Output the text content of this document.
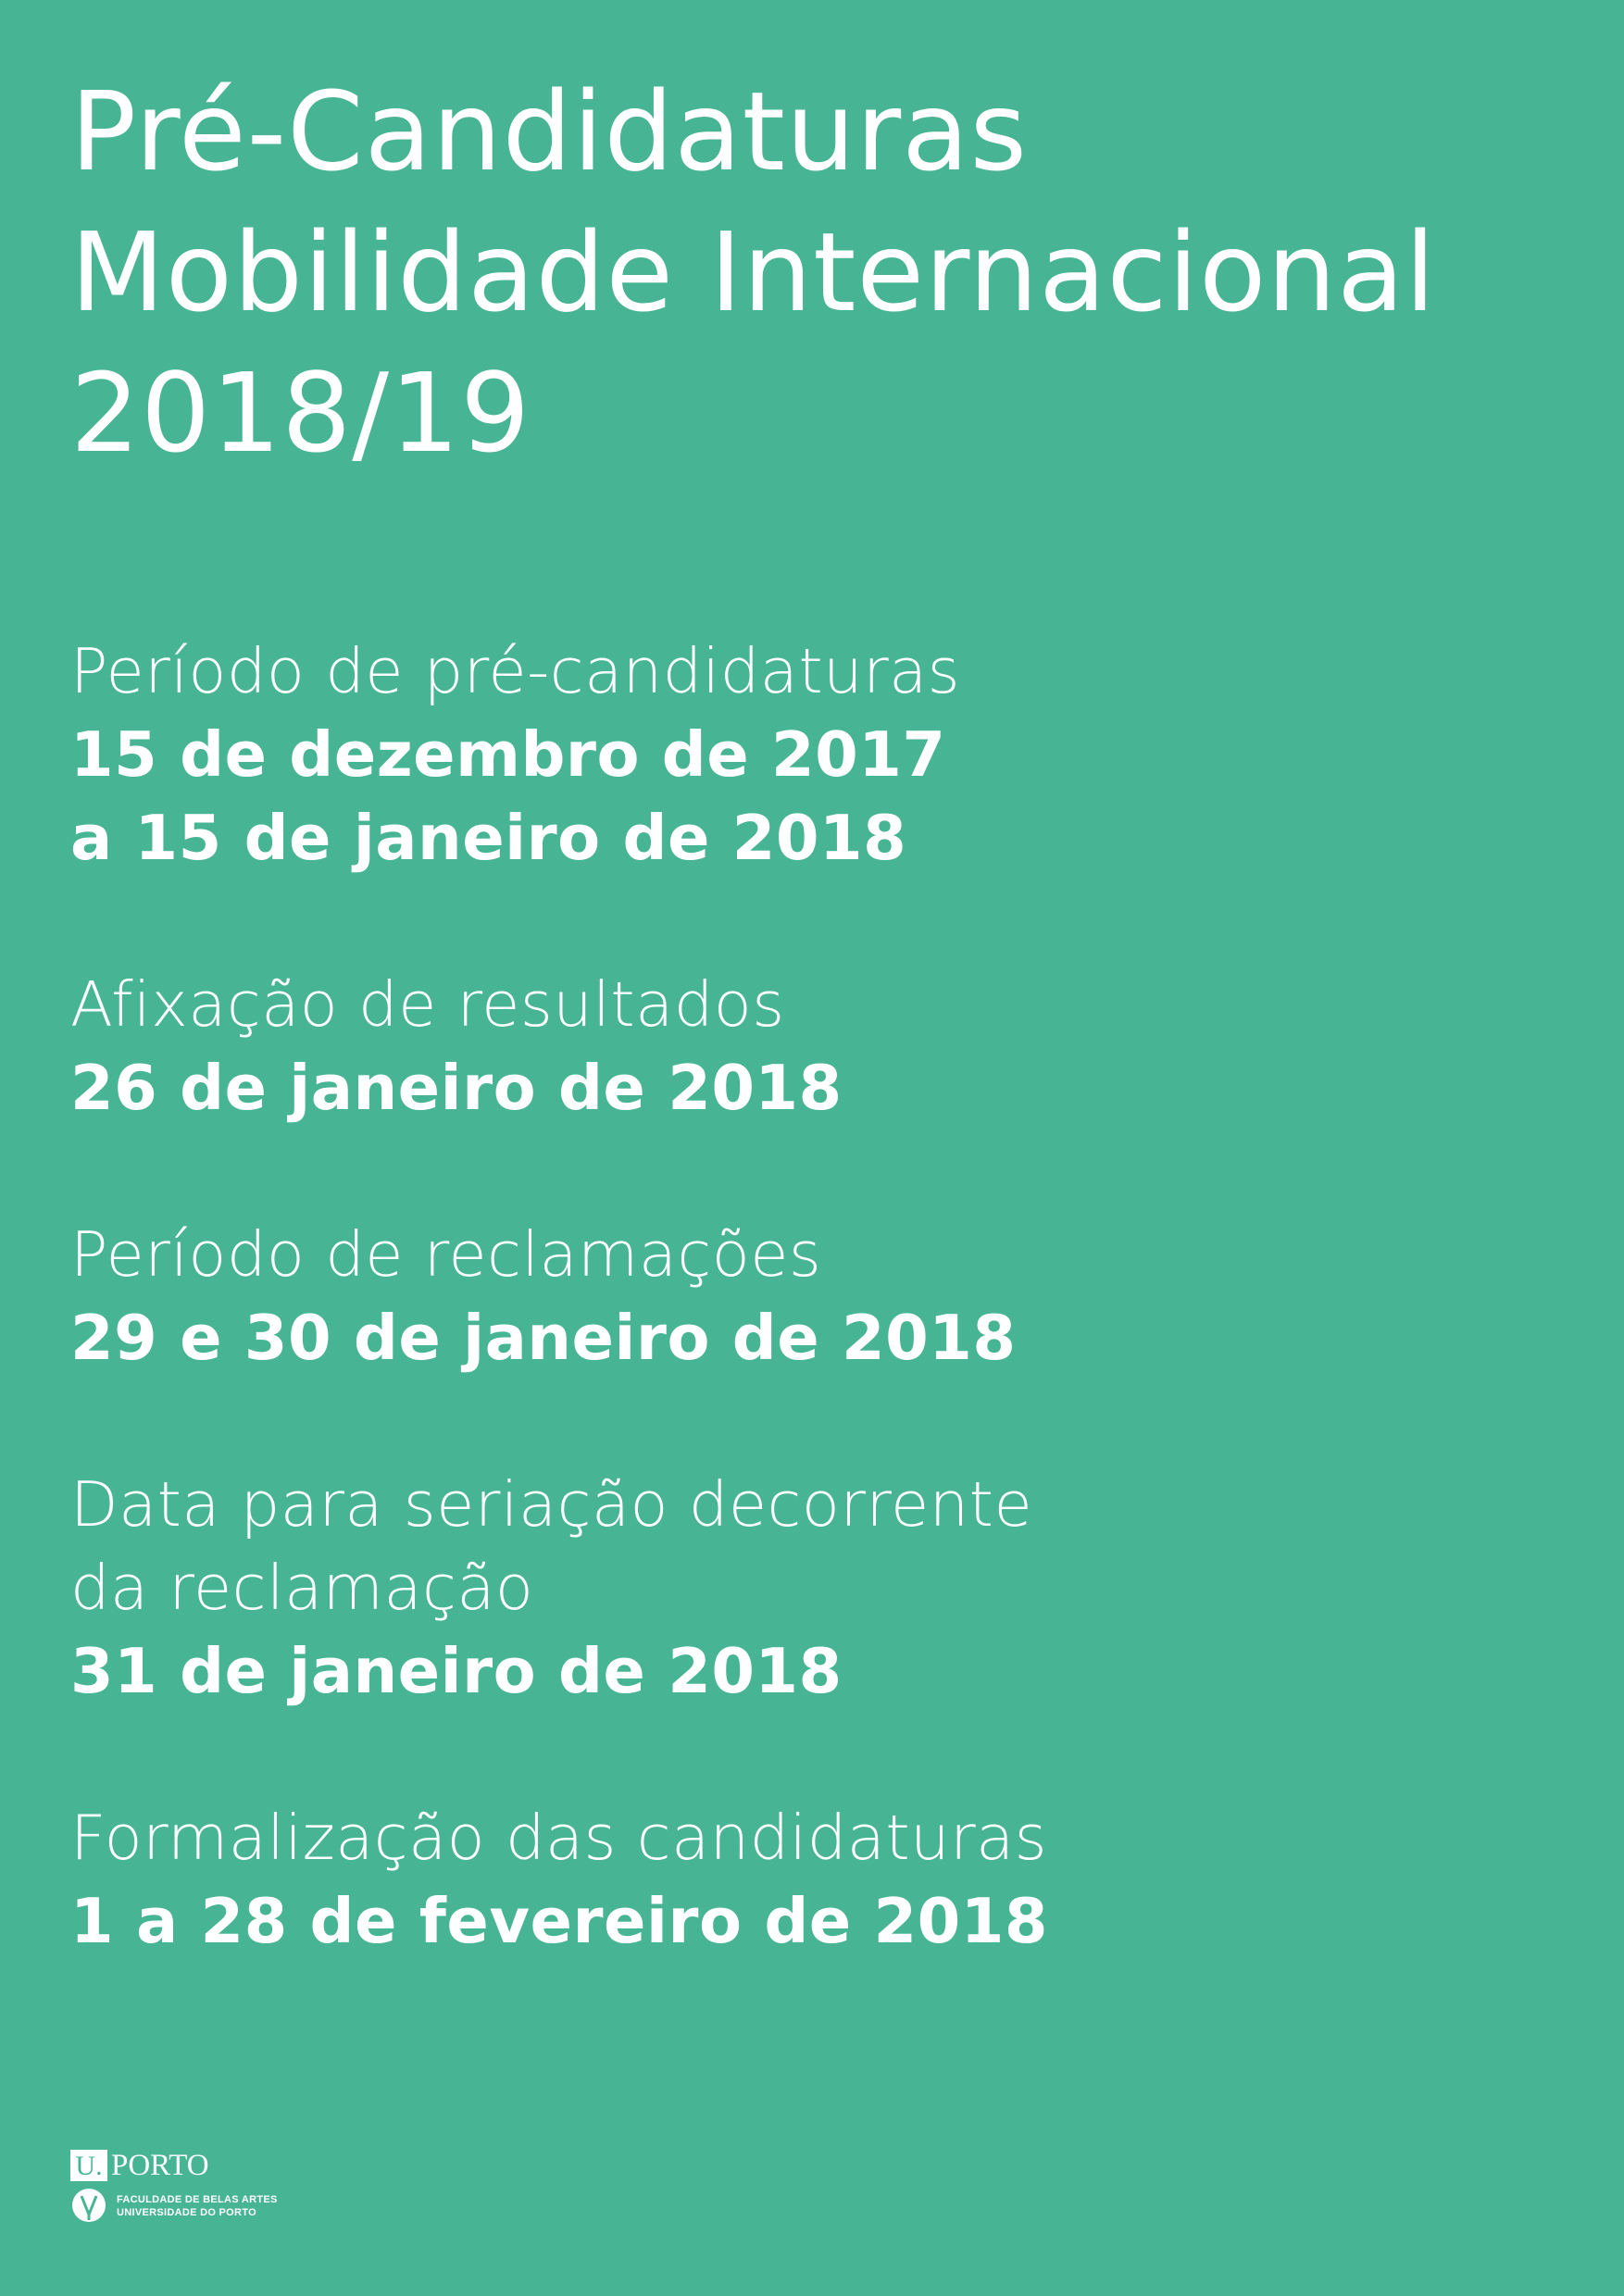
Pré-Candidaturas
Mobilidade Internacional
2018/19
Período de pré-candidaturas
15 de dezembro de 2017
a 15 de janeiro de 2018
Afixação de resultados
26 de janeiro de 2018
Período de reclamações
29 e 30 de janeiro de 2018
Data para seriação decorrente
da reclamação
31 de janeiro de 2018
Formalização das candidaturas
1 a 28 de fevereiro de 2018
U. PORTO
FACULDADE DE BELAS ARTES
UNIVERSIDADE DO PORTO
